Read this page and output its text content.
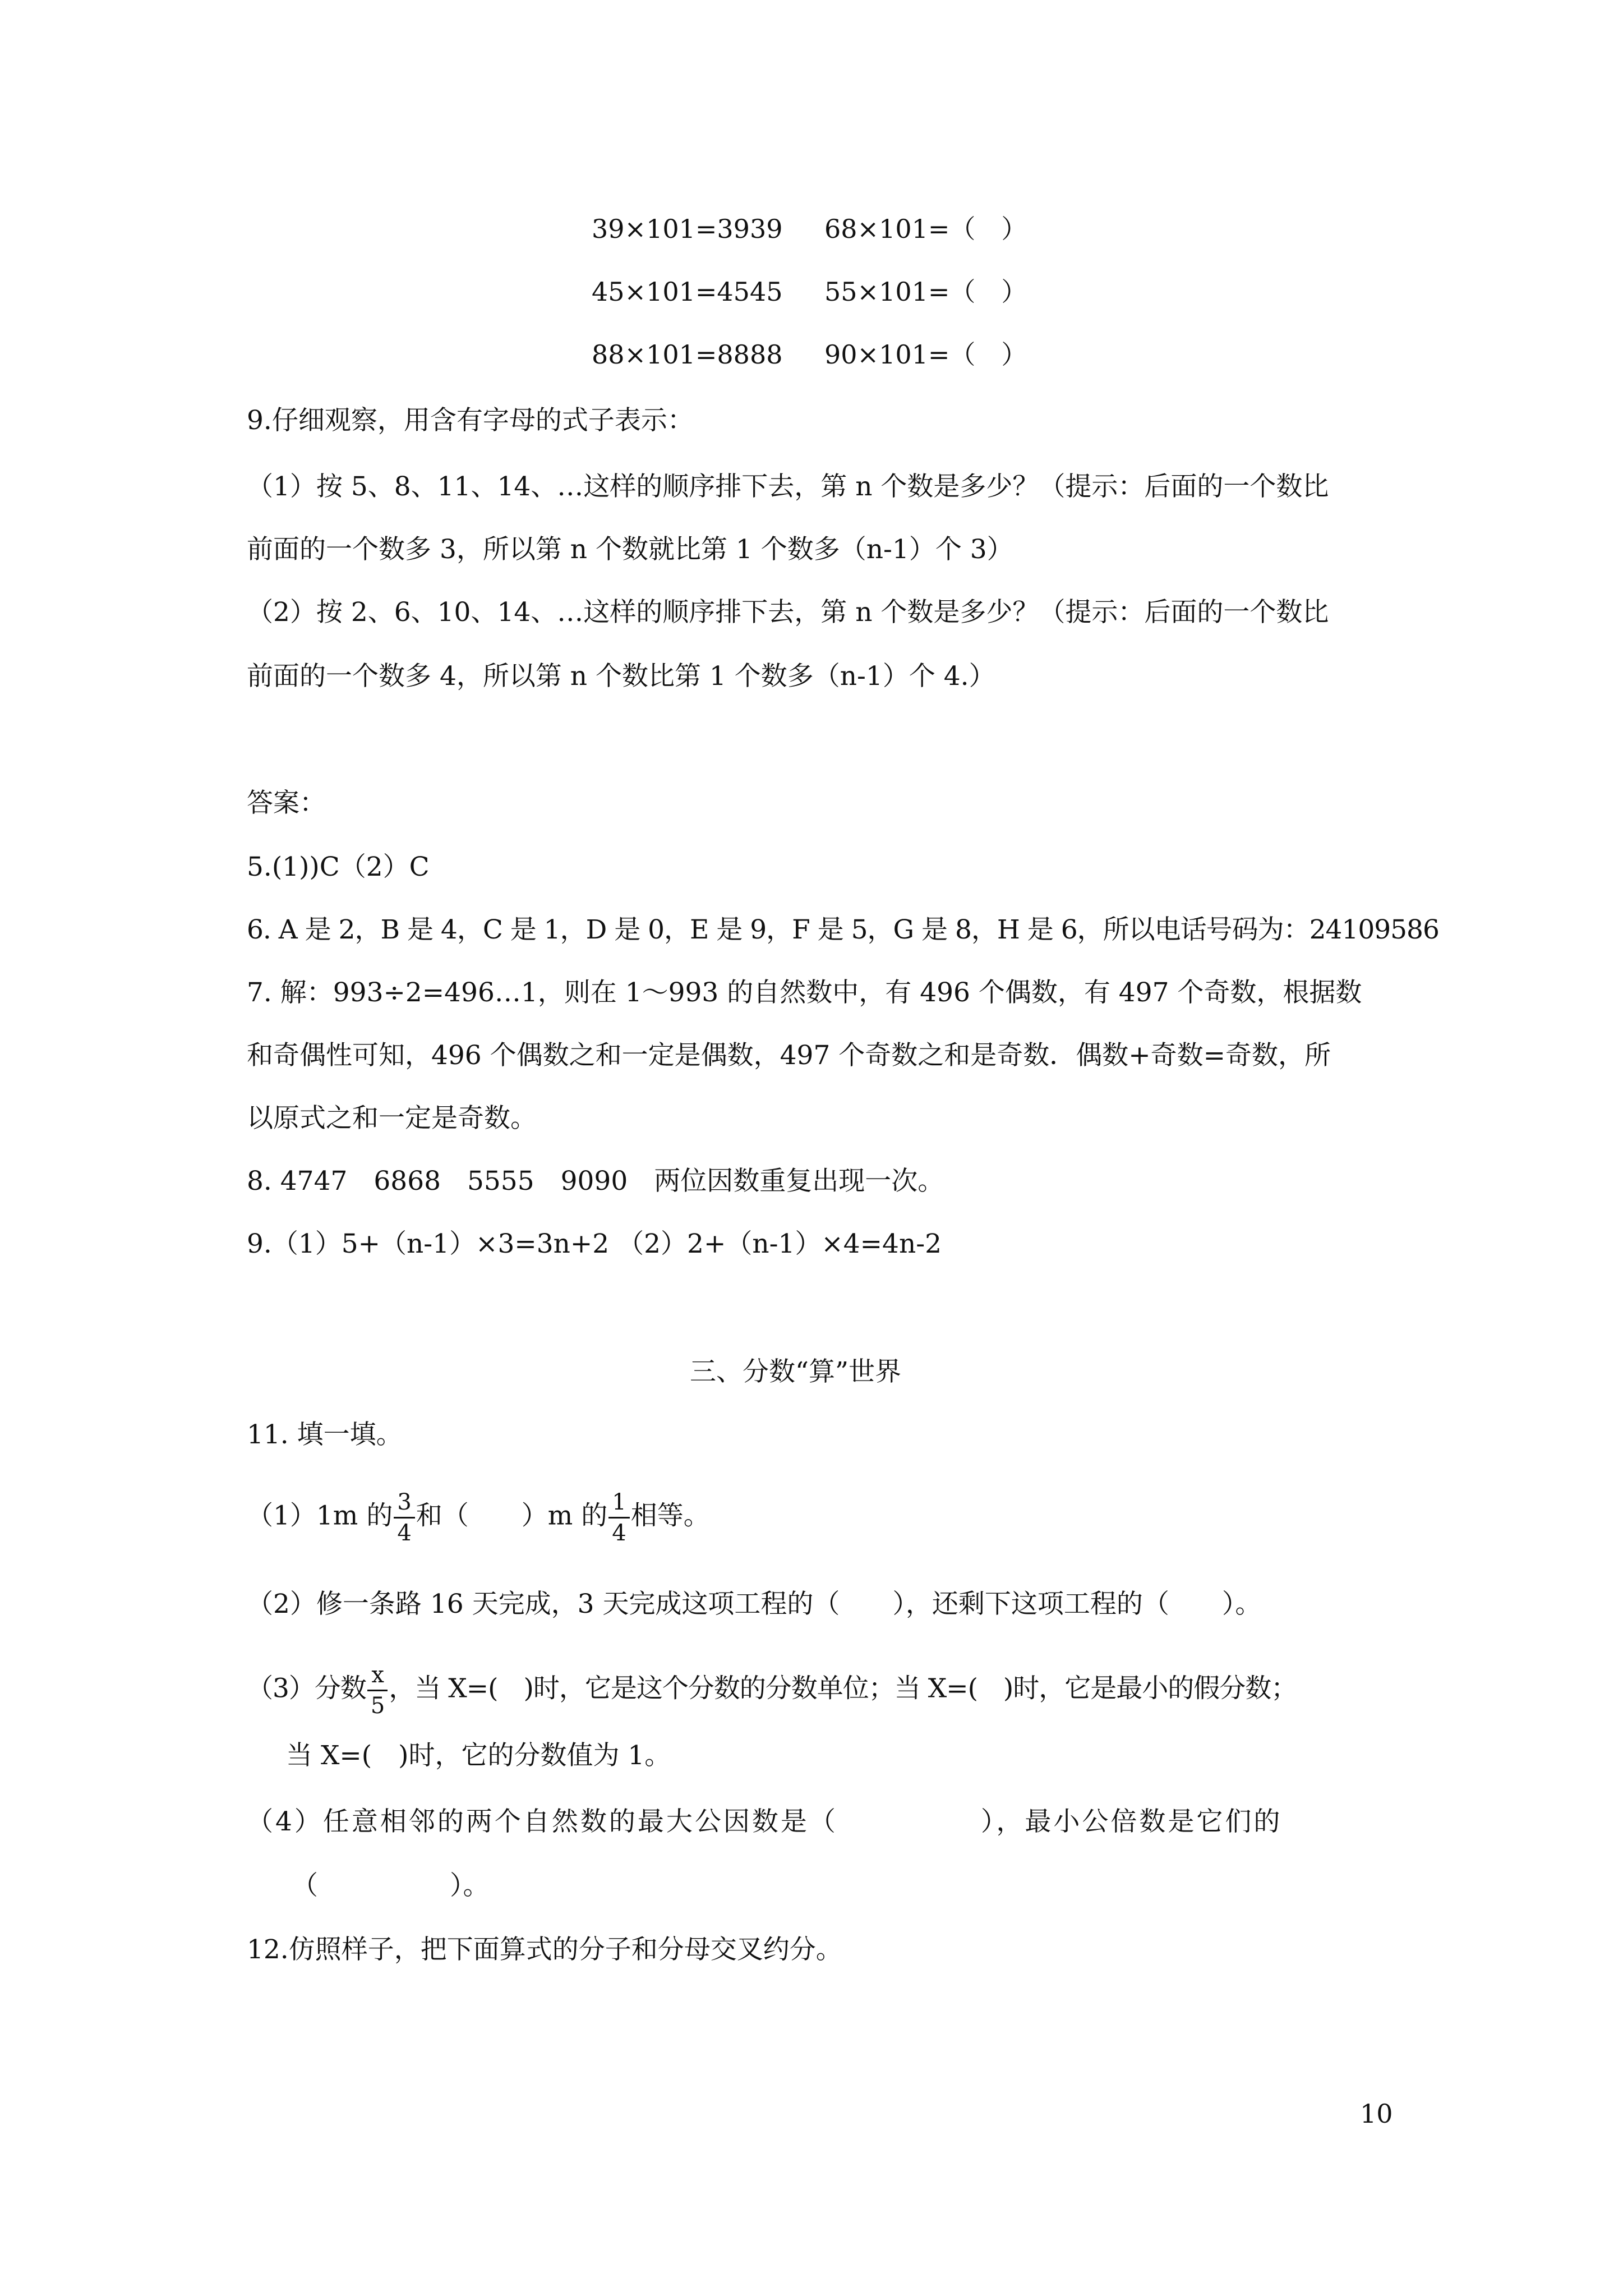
39×101=3939 68×101=（　）
45×101=4545 55×101=（　）
88×101=8888 90×101=（　）
9.仔细观察，用含有字母的式子表示：
（1）按 5、8、11、14、…这样的顺序排下去，第 n 个数是多少？（提示：后面的一个数比
前面的一个数多 3，所以第 n 个数就比第 1 个数多（n-1）个 3）
（2）按 2、6、10、14、…这样的顺序排下去，第 n 个数是多少？（提示：后面的一个数比
前面的一个数多 4，所以第 n 个数比第 1 个数多（n-1）个 4.）
答案：
5.(1))C（2）C
6. A 是 2，B 是 4，C 是 1，D 是 0，E 是 9，F 是 5，G 是 8，H 是 6，所以电话号码为：24109586
7. 解：993÷2=496…1，则在 1～993 的自然数中，有 496 个偶数，有 497 个奇数，根据数
和奇偶性可知，496 个偶数之和一定是偶数，497 个奇数之和是奇数．偶数+奇数=奇数，所
以原式之和一定是奇数。
8. 4747　6868　5555　9090　两位因数重复出现一次。
9.（1）5+（n-1）×3=3n+2 （2）2+（n-1）×4=4n-2
三、分数“算”世界
11. 填一填。
（1）1m 的 $\frac{3}{4}$ 和（　　）m 的 $\frac{1}{4}$ 相等。
（2）修一条路 16 天完成，3 天完成这项工程的（　　），还剩下这项工程的（　　）。
（3）分数 $\frac{x}{5}$ ，当 X=(　)时，它是这个分数的分数单位；当 X=(　)时，它是最小的假分数；
当 X=(　)时，它的分数值为 1。
（4）任意相邻的两个自然数的最大公因数是（　　　　　），最小公倍数是它们的
（　　　　　）。
12.仿照样子，把下面算式的分子和分母交叉约分。
10
